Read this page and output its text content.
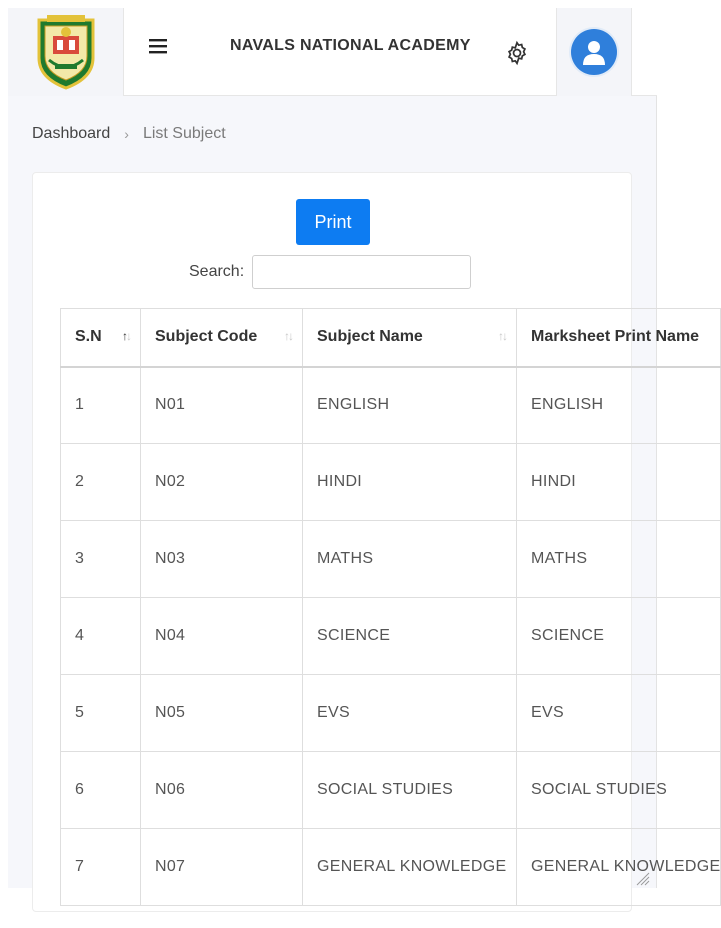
NAVALS NATIONAL ACADEMY
Dashboard › List Subject
Print
Search:
S.N ↑↓	Subject Code ↑↓	Subject Name ↑↓	Marksheet Print Name
1	N01	ENGLISH	ENGLISH
2	N02	HINDI	HINDI
3	N03	MATHS	MATHS
4	N04	SCIENCE	SCIENCE
5	N05	EVS	EVS
6	N06	SOCIAL STUDIES	SOCIAL STUDIES
7	N07	GENERAL KNOWLEDGE	GENERAL KNOWLEDGE
